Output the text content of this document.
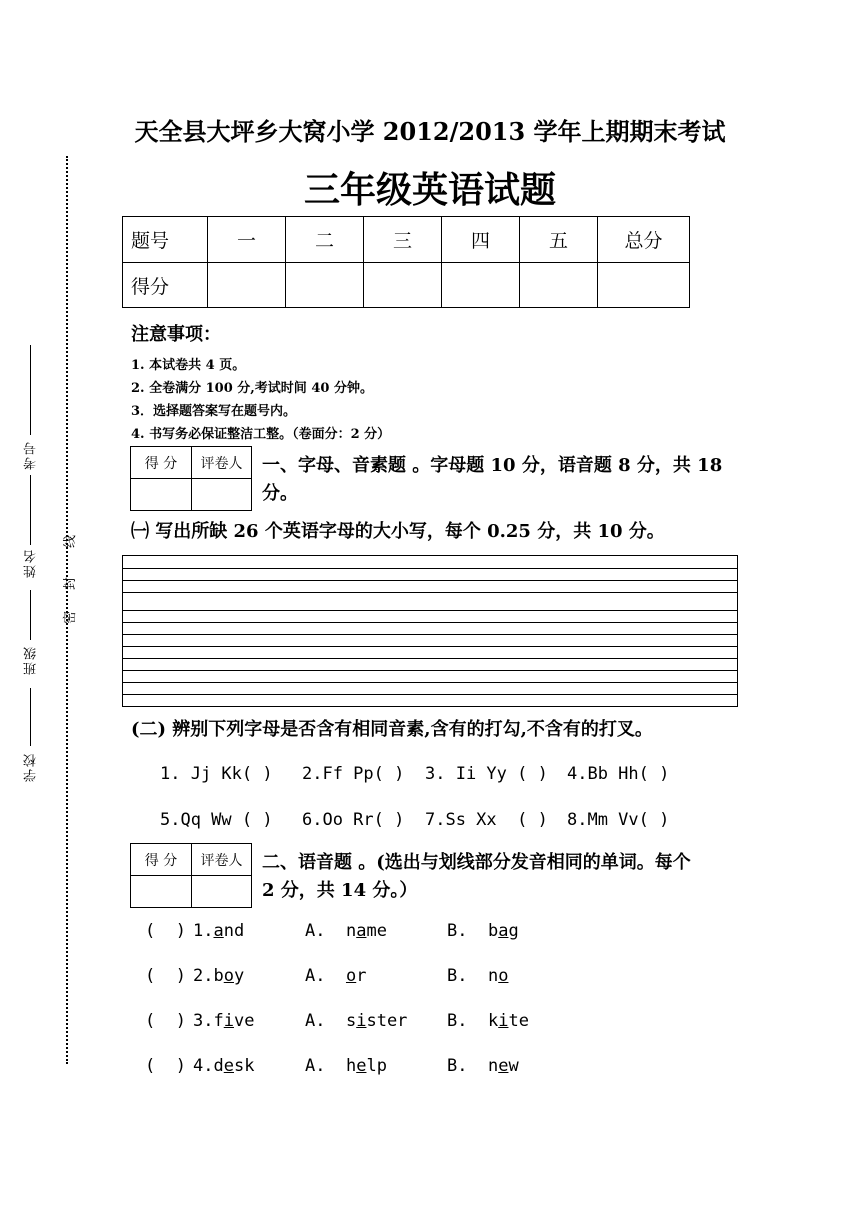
考号
姓名
班级
学校
线
封
密
天全县大坪乡大窝小学 2012/2013 学年上期期末考试
三年级英语试题
题号	一	二	三	四	五	总分
得分						
注意事项：
1. 本试卷共 4 页。
2. 全卷满分 100 分,考试时间 40 分钟。
3．选择题答案写在题号内。
4. 书写务必保证整洁工整。（卷面分：2 分）
得 分	评卷人
	一、字母、音素题 。字母题 10 分，语音题 8 分，共 18
分。
㈠ 写出所缺 26 个英语字母的大小写，每个 0.25 分，共 10 分。
(二) 辨别下列字母是否含有相同音素,含有的打勾,不含有的打叉。
1. Jj Kk( ) 2.Ff Pp( ) 3. Ii Yy ( ) 4.Bb Hh( )
5.Qq Ww ( ) 6.Oo Rr( ) 7.Ss Xx  ( ) 8.Mm Vv( )
得 分	评卷人
	二、语音题 。(选出与划线部分发音相同的单词。每个
2 分，共 14 分。）
(  ) 1.and	A. name	B. bag
(  ) 2.boy	A. or	B. no
(  ) 3.five	A. sister B. kite
(  ) 4.desk	A. help	B. new
